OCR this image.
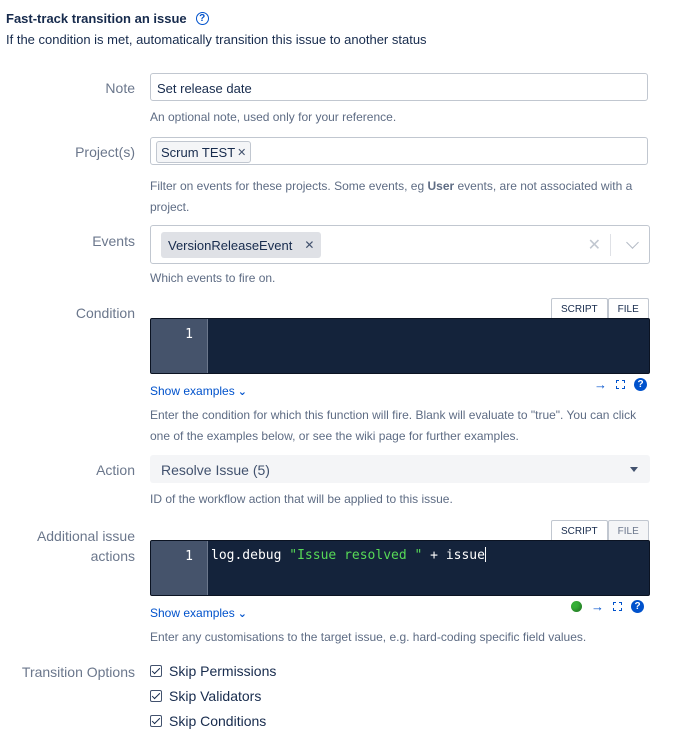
Fast-track transition an issue	?
If the condition is met, automatically transition this issue to another status
Note	Set release date
An optional note, used only for your reference.
Project(s) Scrum TEST ✕
Filter on events for these projects. Some events, eg User events, are not associated with a
project.
Events	VersionReleaseEvent ✕	✕
Which events to fire on.
Condition	SCRIPT	FILE
1
Show examples ⌄	→	?
Enter the condition for which this function will fire. Blank will evaluate to "true". You can click
one of the examples below, or see the wiki page for further examples.
Action Resolve Issue (5)
ID of the workflow action that will be applied to this issue.
Additional issue
actions
SCRIPT	FILE
1 log.debug "Issue resolved " + issue
Show examples ⌄	→	?
Enter any customisations to the target issue, e.g. hard-coding specific field values.
Transition Options Skip Permissions
Skip Validators
Skip Conditions
